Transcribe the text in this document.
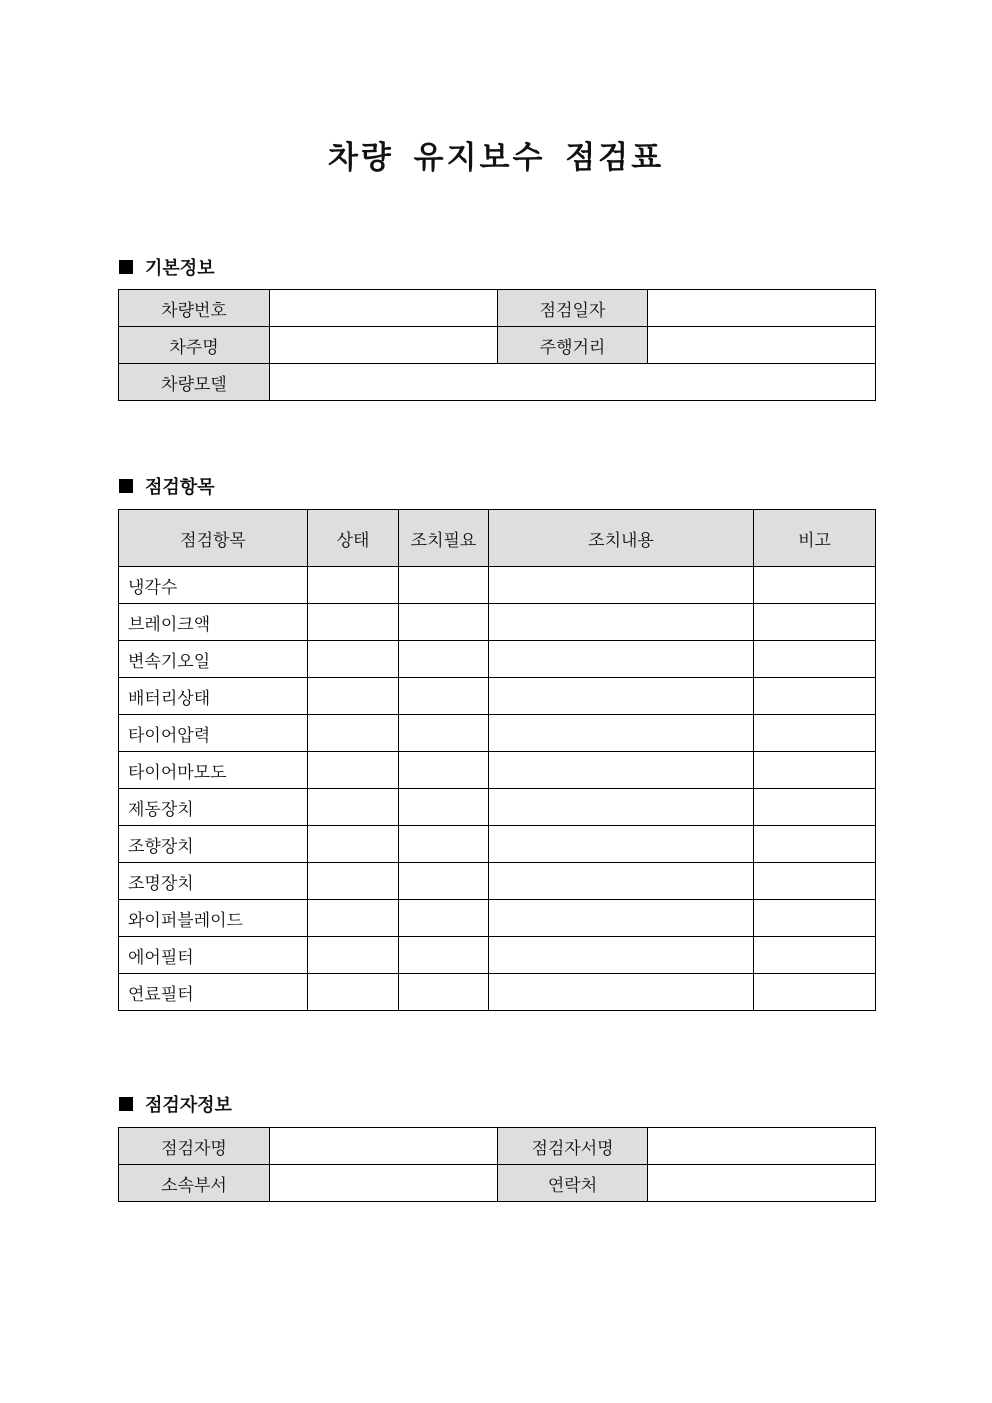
차량 유지보수 점검표
기본정보
차량번호		점검일자	
차주명		주행거리	
차량모델			
점검항목
점검항목	상태	조치필요	조치내용	비고
냉각수				
브레이크액				
변속기오일				
배터리상태				
타이어압력				
타이어마모도				
제동장치				
조향장치				
조명장치				
와이퍼블레이드				
에어필터				
연료필터				
점검자정보
점검자명		점검자서명	
소속부서		연락처	
